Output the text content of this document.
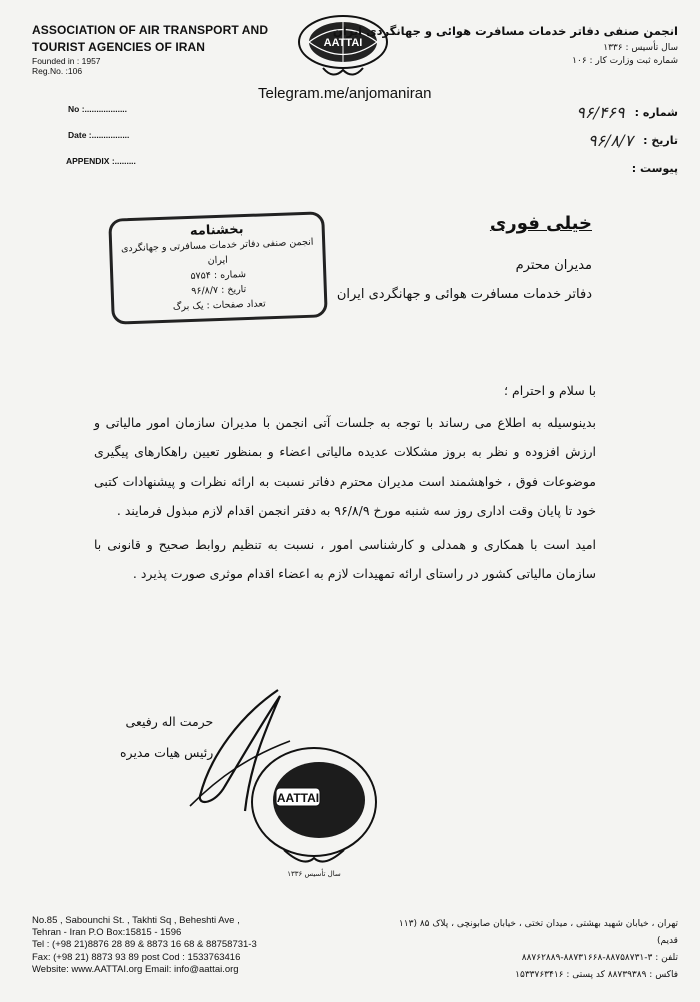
ASSOCIATION OF AIR TRANSPORT AND
TOURIST AGENCIES OF IRAN
Founded in : 1957
Reg.No. :106
AATTAI
انجمن صنفی دفاتر خدمات مسافرت هوائی و جهانگردی ایران
سال تأسیس : ۱۳۳۶
شماره ثبت وزارت کار : ۱۰۶
Telegram.me/anjomaniran
No :..................
Date :................
APPENDIX :.........
شماره :
۹۶/۴۶۹
تاریخ :
۹۶/۸/۷
پیوست :
خیلی فوری
بخشنامه
انجمن صنفی دفاتر خدمات مسافرتی و جهانگردی ایران
شماره : ۵۷۵۴
تاریخ : ۹۶/۸/۷
تعداد صفحات : یک برگ
مدیران محترم
دفاتر خدمات مسافرت هوائی و جهانگردی ایران

با سلام و احترام ؛

بدینوسیله به اطلاع می رساند با توجه به جلسات آتی انجمن با مدیران سازمان امور مالیاتی و ارزش افزوده و نظر به بروز مشکلات عدیده مالیاتی اعضاء و بمنظور تعیین راهکارهای پیگیری موضوعات فوق ، خواهشمند است مدیران محترم دفاتر نسبت به ارائه نظرات و پیشنهادات کتبی خود تا پایان وقت اداری روز سه شنبه مورخ ۹۶/۸/۹ به دفتر انجمن اقدام لازم مبذول فرمایند .

امید است با همکاری و همدلی و کارشناسی امور ، نسبت به تنظیم روابط صحیح و قانونی با سازمان مالیاتی کشور در راستای ارائه تمهیدات لازم به اعضاء اقدام موثری صورت پذیرد .

حرمت اله رفیعی
رئیس هیات مدیره
AATTAI
سال تأسیس ۱۳۳۶
No.85 , Sabounchi St. , Takhti Sq , Beheshti Ave ,
Tehran - Iran P.O Box:15815 - 1596
Tel : (+98 21)8876 28 89 & 8873 16 68 & 88758731-3
Fax: (+98 21) 8873 93 89 post Cod : 1533763416
Website: www.AATTAI.org Email: info@aattai.org
تهران ، خیابان شهید بهشتی ، میدان تختی ، خیابان صابونچی ، پلاک ۸۵ (۱۱۳ قدیم)
تلفن : ۳-۸۸۷۵۸۷۳۱-۸۸۷۳۱۶۶۸-۸۸۷۶۲۸۸۹
فاکس : ۸۸۷۳۹۳۸۹ کد پستی : ۱۵۳۳۷۶۳۴۱۶
